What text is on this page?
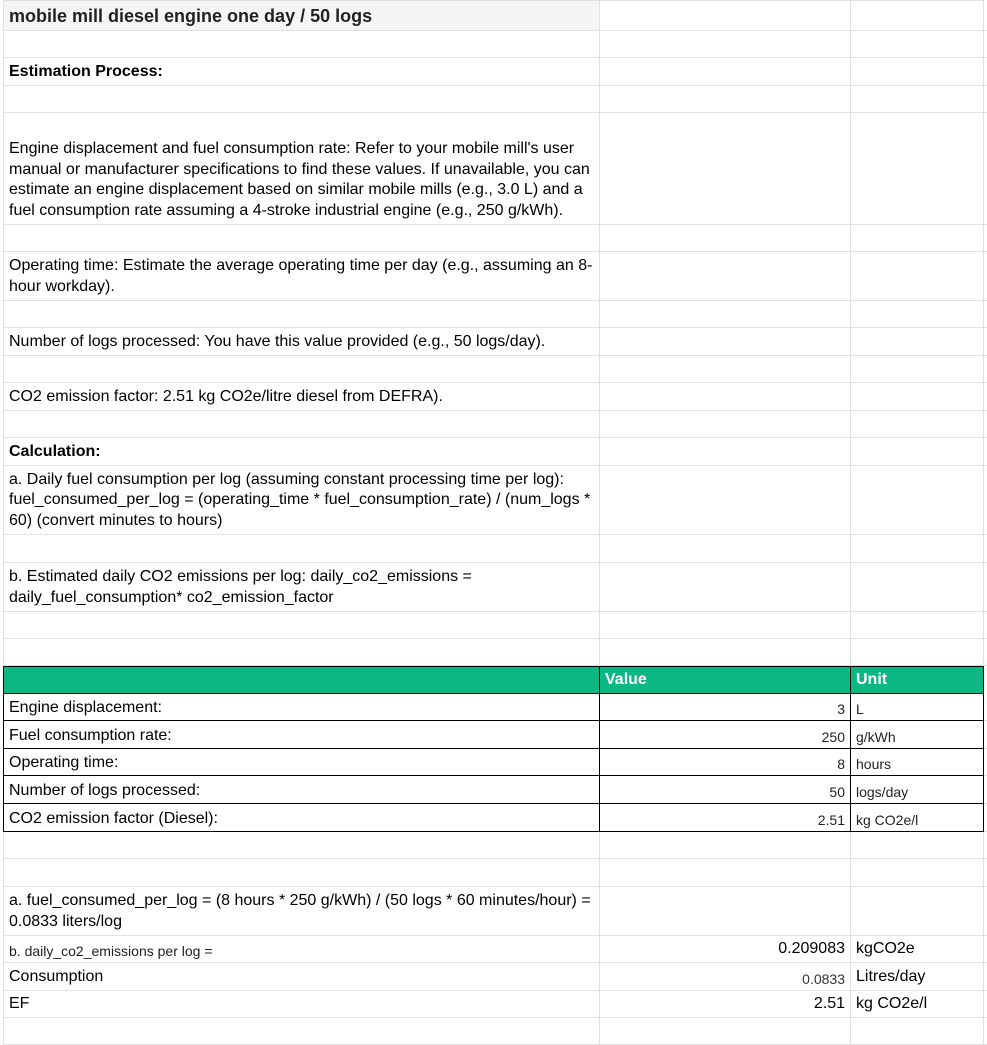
mobile mill diesel engine one day / 50 logs
Estimation Process:
Engine displacement and fuel consumption rate: Refer to your mobile mill's user manual or manufacturer specifications to find these values. If unavailable, you can estimate an engine displacement based on similar mobile mills (e.g., 3.0 L) and a fuel consumption rate assuming a 4-stroke industrial engine (e.g., 250 g/kWh).
Operating time: Estimate the average operating time per day (e.g., assuming an 8-hour workday).
Number of logs processed: You have this value provided (e.g., 50 logs/day).
CO2 emission factor: 2.51 kg CO2e/litre diesel from DEFRA).
Calculation:
a. Daily fuel consumption per log (assuming constant processing time per log): fuel_consumed_per_log = (operating_time * fuel_consumption_rate) / (num_logs * 60) (convert minutes to hours)
b. Estimated daily CO2 emissions per log: daily_co2_emissions = daily_fuel_consumption* co2_emission_factor
Value	Unit
Engine displacement:	3 L
Fuel consumption rate:	250 g/kWh
Operating time:	8 hours
Number of logs processed:	50 logs/day
CO2 emission factor (Diesel):	2.51 kg CO2e/l
a. fuel_consumed_per_log = (8 hours * 250 g/kWh) / (50 logs * 60 minutes/hour) = 0.0833 liters/log
b. daily_co2_emissions per log =	0.209083 kgCO2e
Consumption	0.0833 Litres/day
EF	2.51 kg CO2e/l
